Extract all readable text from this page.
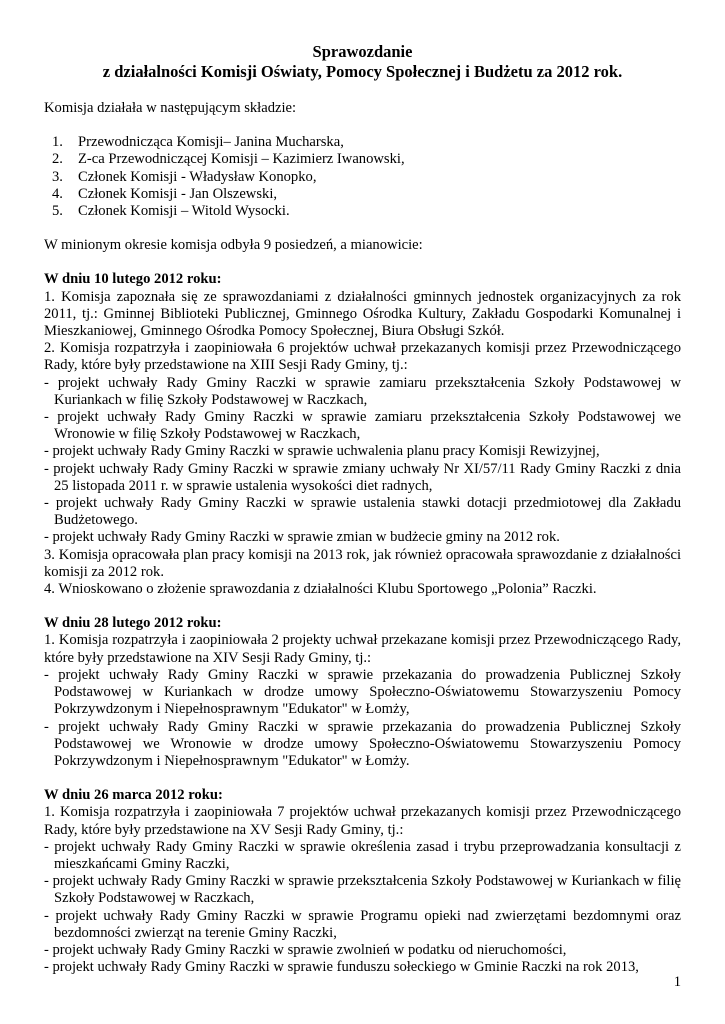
Sprawozdanie
z działalności Komisji Oświaty, Pomocy Społecznej i Budżetu za 2012 rok.

Komisja działała w następującym składzie:

1.	Przewodnicząca Komisji– Janina Mucharska,
2.	Z-ca Przewodniczącej Komisji – Kazimierz Iwanowski,
3.	Członek Komisji - Władysław Konopko,
4.	Członek Komisji - Jan Olszewski,
5.	Członek Komisji – Witold Wysocki.

W minionym okresie komisja odbyła 9 posiedzeń, a mianowicie:

W dniu 10 lutego 2012 roku:

1. Komisja zapoznała się ze sprawozdaniami z działalności gminnych jednostek organizacyjnych za rok 2011, tj.: Gminnej Biblioteki Publicznej, Gminnego Ośrodka Kultury, Zakładu Gospodarki Komunalnej i Mieszkaniowej, Gminnego Ośrodka Pomocy Społecznej, Biura Obsługi Szkół.

2. Komisja rozpatrzyła i zaopiniowała 6 projektów uchwał przekazanych komisji przez Przewodniczącego Rady, które były przedstawione na XIII Sesji Rady Gminy, tj.:

- projekt uchwały Rady Gminy Raczki w sprawie zamiaru przekształcenia Szkoły Podstawowej w Kuriankach w filię Szkoły Podstawowej w Raczkach,

- projekt uchwały Rady Gminy Raczki w sprawie zamiaru przekształcenia Szkoły Podstawowej we Wronowie w filię Szkoły Podstawowej w Raczkach,

- projekt uchwały Rady Gminy Raczki w sprawie uchwalenia planu pracy Komisji Rewizyjnej,

- projekt uchwały Rady Gminy Raczki w sprawie zmiany uchwały Nr XI/57/11 Rady Gminy Raczki z dnia 25 listopada 2011 r. w sprawie ustalenia wysokości diet radnych,

- projekt uchwały Rady Gminy Raczki w sprawie ustalenia stawki dotacji przedmiotowej dla Zakładu Budżetowego.

- projekt uchwały Rady Gminy Raczki w sprawie zmian w budżecie gminy na 2012 rok.

3. Komisja opracowała plan pracy komisji na 2013 rok, jak również opracowała sprawozdanie z działalności komisji za 2012 rok.

4. Wnioskowano o złożenie sprawozdania z działalności Klubu Sportowego „Polonia” Raczki.

W dniu 28 lutego 2012 roku:

1. Komisja rozpatrzyła i zaopiniowała 2 projekty uchwał przekazane komisji przez Przewodniczącego Rady, które były przedstawione na XIV Sesji Rady Gminy, tj.:

- projekt uchwały Rady Gminy Raczki w sprawie przekazania do prowadzenia Publicznej Szkoły Podstawowej w Kuriankach w drodze umowy Społeczno-Oświatowemu Stowarzyszeniu Pomocy Pokrzywdzonym i Niepełnosprawnym "Edukator" w Łomży,

- projekt uchwały Rady Gminy Raczki w sprawie przekazania do prowadzenia Publicznej Szkoły Podstawowej we Wronowie w drodze umowy Społeczno-Oświatowemu Stowarzyszeniu Pomocy Pokrzywdzonym i Niepełnosprawnym "Edukator" w Łomży.

W dniu 26 marca 2012 roku:

1. Komisja rozpatrzyła i zaopiniowała 7 projektów uchwał przekazanych komisji przez Przewodniczącego Rady, które były przedstawione na XV Sesji Rady Gminy, tj.:

- projekt uchwały Rady Gminy Raczki w sprawie określenia zasad i trybu przeprowadzania konsultacji z mieszkańcami Gminy Raczki,

- projekt uchwały Rady Gminy Raczki w sprawie przekształcenia Szkoły Podstawowej w Kuriankach w filię Szkoły Podstawowej w Raczkach,

- projekt uchwały Rady Gminy Raczki w sprawie Programu opieki nad zwierzętami bezdomnymi oraz bezdomności zwierząt na terenie Gminy Raczki,

- projekt uchwały Rady Gminy Raczki w sprawie zwolnień w podatku od nieruchomości,

- projekt uchwały Rady Gminy Raczki w sprawie funduszu sołeckiego w Gminie Raczki na rok 2013,

1
